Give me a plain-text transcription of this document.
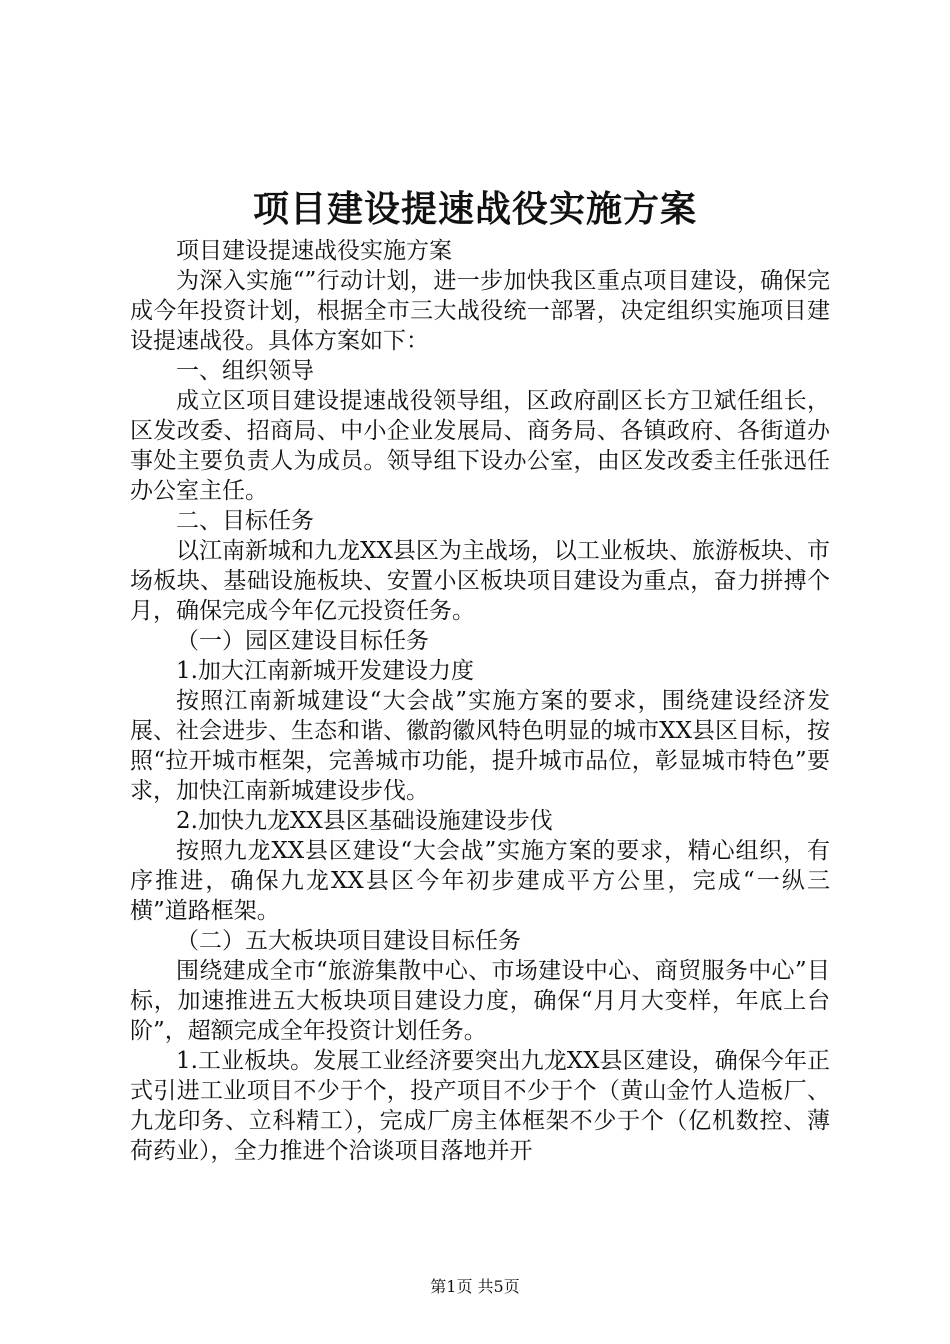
项目建设提速战役实施方案

项目建设提速战役实施方案

为深入实施“”行动计划，进一步加快我区重点项目建设，确保完成今年投资计划，根据全市三大战役统一部署，决定组织实施项目建设提速战役。具体方案如下：

一、组织领导

成立区项目建设提速战役领导组，区政府副区长方卫斌任组长，区发改委、招商局、中小企业发展局、商务局、各镇政府、各街道办事处主要负责人为成员。领导组下设办公室，由区发改委主任张迅任办公室主任。

二、目标任务

以江南新城和九龙XX县区为主战场，以工业板块、旅游板块、市场板块、基础设施板块、安置小区板块项目建设为重点，奋力拼搏个月，确保完成今年亿元投资任务。

（一）园区建设目标任务

1.加大江南新城开发建设力度

按照江南新城建设“大会战”实施方案的要求，围绕建设经济发展、社会进步、生态和谐、徽韵徽风特色明显的城市XX县区目标，按照“拉开城市框架，完善城市功能，提升城市品位，彰显城市特色”要求，加快江南新城建设步伐。

2.加快九龙XX县区基础设施建设步伐

按照九龙XX县区建设“大会战”实施方案的要求，精心组织，有序推进，确保九龙XX县区今年初步建成平方公里，完成“一纵三横”道路框架。

（二）五大板块项目建设目标任务

围绕建成全市“旅游集散中心、市场建设中心、商贸服务中心”目标，加速推进五大板块项目建设力度，确保“月月大变样，年底上台阶”，超额完成全年投资计划任务。

1.工业板块。发展工业经济要突出九龙XX县区建设，确保今年正式引进工业项目不少于个，投产项目不少于个（黄山金竹人造板厂、九龙印务、立科精工），完成厂房主体框架不少于个（亿机数控、薄荷药业），全力推进个洽谈项目落地并开

第1页 共5页
